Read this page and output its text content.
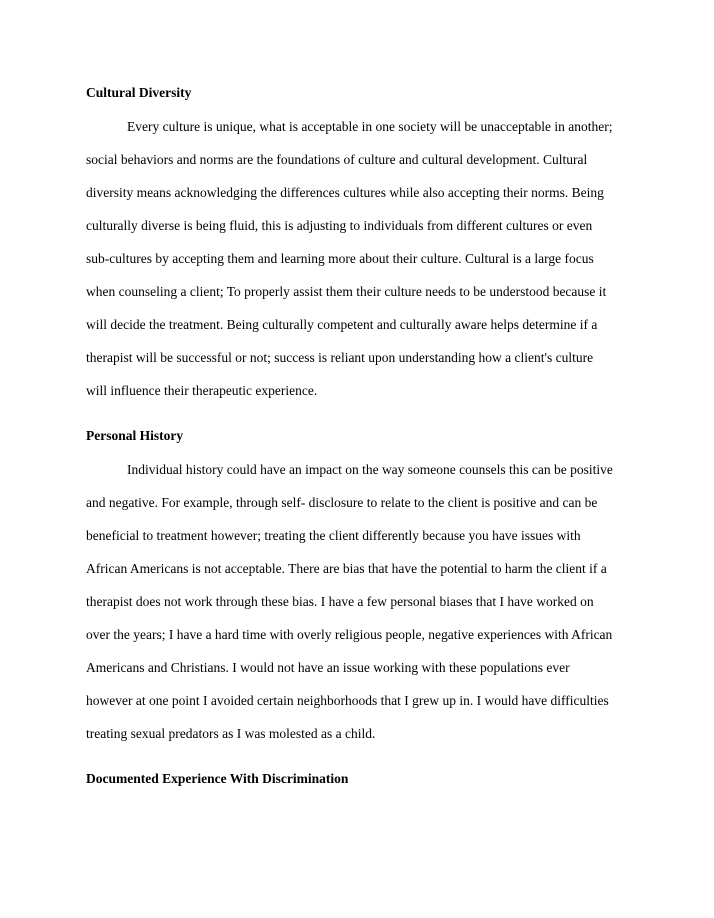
Cultural Diversity

Every culture is unique, what is acceptable in one society will be unacceptable in another;

social behaviors and norms are the foundations of culture and cultural development. Cultural

diversity means acknowledging the differences cultures while also accepting their norms. Being

culturally diverse is being fluid, this is adjusting to individuals from different cultures or even

sub-cultures by accepting them and learning more about their culture. Cultural is a large focus

when counseling a client; To properly assist them their culture needs to be understood because it

will decide the treatment. Being culturally competent and culturally aware helps determine if a

therapist will be successful or not; success is reliant upon understanding how a client's culture

will influence their therapeutic experience.

Personal History

Individual history could have an impact on the way someone counsels this can be positive

and negative. For example, through self- disclosure to relate to the client is positive and can be

beneficial to treatment however; treating the client differently because you have issues with

African Americans is not acceptable. There are bias that have the potential to harm the client if a

therapist does not work through these bias. I have a few personal biases that I have worked on

over the years; I have a hard time with overly religious people, negative experiences with African

Americans and Christians. I would not have an issue working with these populations ever

however at one point I avoided certain neighborhoods that I grew up in. I would have difficulties

treating sexual predators as I was molested as a child.

Documented Experience With Discrimination
